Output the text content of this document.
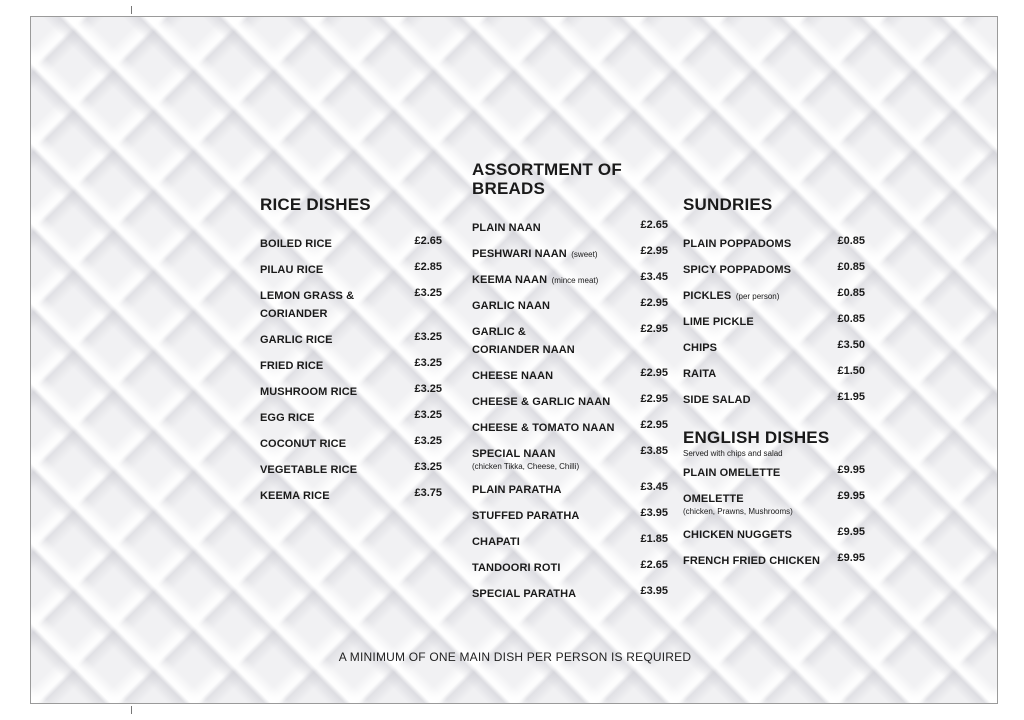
RICE DISHES
BOILED RICE	£2.65
PILAU RICE	£2.85
LEMON GRASS & CORIANDER
£3.25
GARLIC RICE	£3.25
FRIED RICE	£3.25
MUSHROOM RICE	£3.25
EGG RICE	£3.25
COCONUT RICE	£3.25
VEGETABLE RICE	£3.25
KEEMA RICE	£3.75
ASSORTMENT OF
BREADS
PLAIN NAAN	£2.65
PESHWARI NAAN (sweet)	£2.95
KEEMA NAAN (mince meat)	£3.45
GARLIC NAAN	£2.95
GARLIC &
CORIANDER NAAN
£2.95
CHEESE NAAN	£2.95
CHEESE & GARLIC NAAN	£2.95
CHEESE & TOMATO NAAN	£2.95
SPECIAL NAAN
(chicken Tikka, Cheese, Chilli)
£3.85
PLAIN PARATHA	£3.45
STUFFED PARATHA	£3.95
CHAPATI	£1.85
TANDOORI ROTI	£2.65
SPECIAL PARATHA	£3.95
SUNDRIES
PLAIN POPPADOMS	£0.85
SPICY POPPADOMS	£0.85
PICKLES (per person)	£0.85
LIME PICKLE	£0.85
CHIPS	£3.50
RAITA	£1.50
SIDE SALAD	£1.95
ENGLISH DISHES
Served with chips and salad
PLAIN OMELETTE	£9.95
OMELETTE
(chicken, Prawns, Mushrooms)
£9.95
CHICKEN NUGGETS	£9.95
FRENCH FRIED CHICKEN	£9.95
A MINIMUM OF ONE MAIN DISH PER PERSON IS REQUIRED
